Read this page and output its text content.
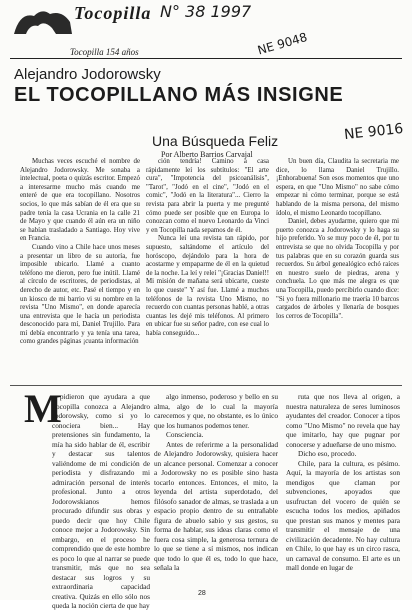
Tocopilla N° 38 1997
Tocopilla 154 años	NE 9048
NE 9016
Alejandro Jodorowsky
EL TOCOPILLANO MÁS INSIGNE
Una Búsqueda Feliz
Por Alberto Barrios Carvajal

Muchas veces escuché el nombre de Alejandro Jodorowsky. Me sonaba a intelectual, poeta o quizás escritor. Empezó a interesarme mucho más cuando me enteré de que era tocopillano. Nosotros socios, lo que más sabían de él era que su padre tenía la casa Ucrania en la calle 21 de Mayo y que cuando él aún era un niño se habían trasladado a Santiago. Hoy vive en Francia.

Cuando vino a Chile hace unos meses a presentar un libro de su autoría, fue imposible ubicarlo. Llamé a cuanto teléfono me dieron, pero fue inútil. Llamé al círculo de escritores, de periodistas, al derecho de autor, etc. Pasé el tiempo y en un kiosco de mi barrio vi su nombre en la revista "Uno Mismo", en donde aparecía una entrevista que le hacía un periodista desconocido para mí, Daniel Trujillo. Para mí debía encontrarlo y ya tenía una tarea, como grandes páginas ¡cuanta información

ción tendría! Camino a casa rápidamente leí los subtítulos: "El arte cura", "Impotencia del psicoanálisis", "Tarot", "Jodó en el cine", "Jodó en el comic", "Jodó en la literatura"... Cierro la revista para abrir la puerta y me pregunté cómo puede ser posible que en Europa lo conozcan como el nuevo Leonardo da Vinci y en Tocopilla nada sepamos de él.

Nunca leí una revista tan rápido, por supuesto, saltándome el artículo del horóscopo, dejándolo para la hora de acostarme y empaparme de él en la quietud de la noche. La leí y releí "¡Gracias Daniel!! Mi misión de mañana será ubicarte, cueste lo que cueste" Y así fue. Llamé a muchos teléfonos de la revista Uno Mismo, no recuerdo con cuantas personas hablé, a otras cuantas les dejé mis teléfonos. Al primero en ubicar fue su señor padre, con ese cual lo había conseguido...

Un buen día, Claudita la secretaria me dice, lo llama Daniel Trujillo. ¡Enhorabuena! Son esos momentos que uno espera, en que "Uno Mismo" no sabe cómo empezar ni cómo terminar, porque se está hablando de la misma persona, del mismo ídolo, el mismo Leonardo tocopillano.

Daniel, debes ayudarme, quiero que mi puerto conozca a Jodorowsky y lo haga su hijo preferido. Yo se muy poco de él, por tu entrevista se que no olvida Tocopilla y por tus palabras que en su corazón guarda sus recuerdos. Su árbol genealógico echó raíces en nuestro suelo de piedras, arena y conchuela. Lo que más me alegra es que una Tocopilla, puedo percibirlo cuando dice: "Si yo fuera millonario me traería 10 barcos cargados de árboles y llenaría de bosques los cerros de Tocopilla".

M

e pidieron que ayudara a que Tocopilla conozca a Alejandro Jodorowsky, como si yo lo conociera bien... Hay pretensiones sin fundamento, la mía ha sido hablar de él, escribir y destacar sus talentos valiéndome de mi condición de periodista y disfrazando mi admiración personal de interés profesional. Junto a otros Jodorowskianos hemos procurado difundir sus obras y puedo decir que hoy Chile conoce mejor a Jodorowsky. Sin embargo, en el proceso he comprendido que de este hombre es poco lo que al narrar se puede transmitir, más que no sea destacar sus logros y su extraordinaria capacidad creativa. Quizás en ello sólo nos queda la noción cierta de que hay

algo inmenso, poderoso y bello en su alma, algo de lo cual la mayoría carecemos y que, no obstante, es lo único que los humanos podemos tener.

Consciencia.

Antes de referirme a la personalidad de Alejandro Jodorowsky, quisiera hacer un alcance personal. Comenzar a conocer a Jodorowsky no es posible sino hasta tocarlo entonces. Entonces, el mito, la leyenda del artista superdotado, del filósofo sanador de almas, se traslada a un espacio propio dentro de su entrañable figura de abuelo sabio y sus gestos, su forma de hablar, sus ideas claras como el fuera cosa simple, la generosa ternura de lo que se tiene a sí mismos, nos indican que todo lo que él es, todo lo que hace, señala la

ruta que nos lleva al origen, a nuestra naturaleza de seres luminosos ayudantes del creador. Conocer a tipos como "Uno Mismo" no revela que hay que imitarlo, hay que pugnar por conocerse y adueñarse de uno mismo.

Dicho eso, procedo.

Chile, para la cultura, es pésimo. Aquí, la mayoría de los artistas son mendigos que claman por subvenciones, apoyados que usufructan del vocero de quién se escucha todos los medios, apiñados que prestan sus manos y mentes para transmitir el mensaje de una civilización decadente. No hay cultura en Chile, lo que hay es un circo rasca, un carnaval de consumo. El arte es un mall donde en lugar de

28
